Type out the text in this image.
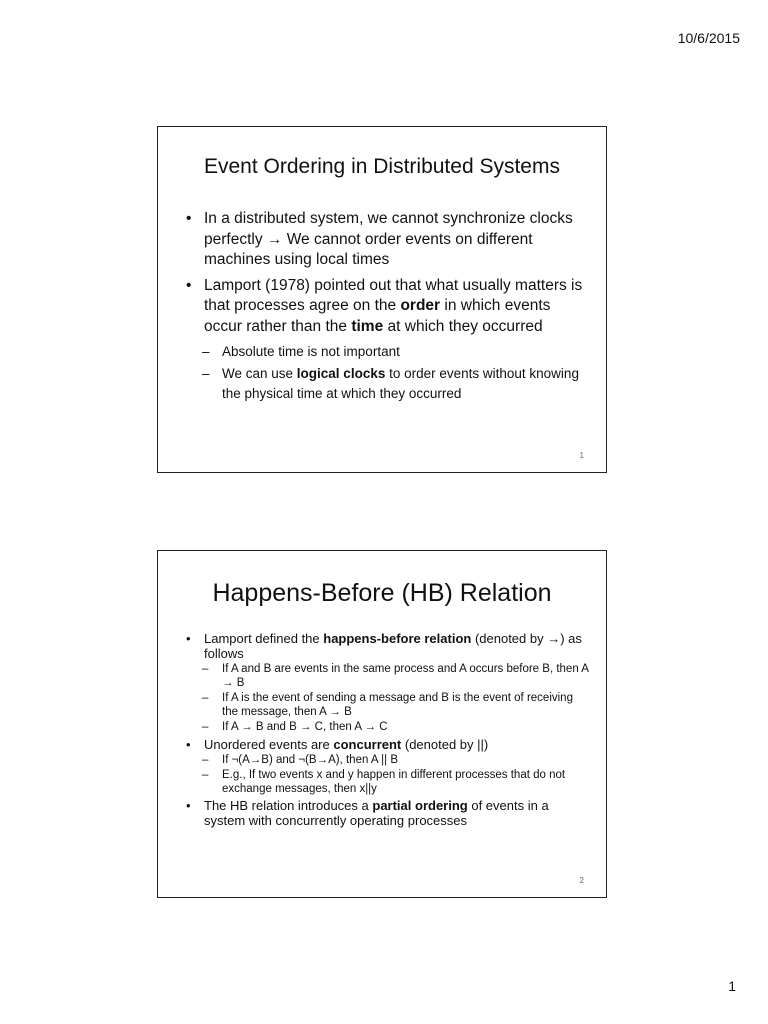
10/6/2015
Event Ordering in Distributed Systems
• In a distributed system, we cannot synchronize clocks perfectly → We cannot order events on different machines using local times
• Lamport (1978) pointed out that what usually matters is that processes agree on the order in which events occur rather than the time at which they occurred
– Absolute time is not important
– We can use logical clocks to order events without knowing the physical time at which they occurred
1
Happens-Before (HB) Relation
• Lamport defined the happens-before relation (denoted by →) as follows
– If A and B are events in the same process and A occurs before B, then A → B
– If A is the event of sending a message and B is the event of receiving the message, then A → B
– If A → B and B → C, then A → C
• Unordered events are concurrent (denoted by ||)
– If ¬(A→B) and ¬(B→A), then A || B
– E.g., If two events x and y happen in different processes that do not exchange messages, then x||y
• The HB relation introduces a partial ordering of events in a system with concurrently operating processes
2
1
